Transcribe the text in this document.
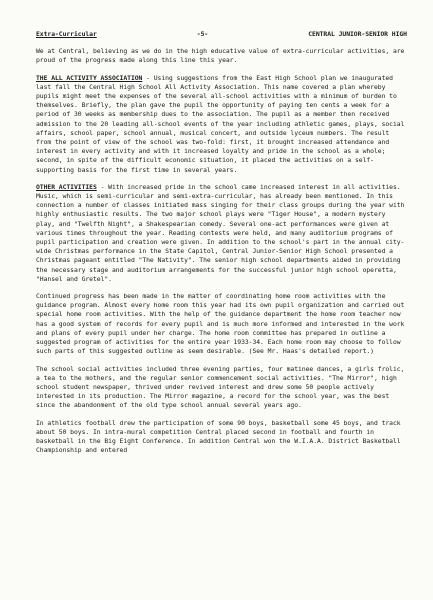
Extra-Curricular	-5-	CENTRAL JUNIOR-SENIOR HIGH

We at Central, believing as we do in the high educative value of extra-curricular activities, are proud of the progress made along this line this year.

THE ALL ACTIVITY ASSOCIATION - Using suggestions from the East High School plan we inaugurated last fall the Central High School All Activity Association. This name covered a plan whereby pupils might meet the expenses of the several all-school activities with a minimum of burden to themselves. Briefly, the plan gave the pupil the opportunity of paying ten cents a week for a period of 30 weeks as membership dues to the association. The pupil as a member then received admission to the 20 leading all-school events of the year including athletic games, plays, social affairs, school paper, school annual, musical concert, and outside lyceum numbers. The result from the point of view of the school was two-fold: first, it brought increased attendance and interest in every activity and with it increased loyalty and pride in the school as a whole; second, in spite of the difficult economic situation, it placed the activities on a self-supporting basis for the first time in several years.

OTHER ACTIVITIES - With increased pride in the school came increased interest in all activities. Music, which is semi-curricular and semi-extra-curricular, has already been mentioned. In this connection a number of classes initiated mass singing for their class groups during the year with highly enthusiastic results. The two major school plays were "Tiger House", a modern mystery play, and "Twelfth Night", a Shakespearian comedy. Several one-act performances were given at various times throughout the year. Reading contests were held, and many auditorium programs of pupil participation and creation were given. In addition to the school's part in the annual city-wide Christmas performance in the State Capitol, Central Junior-Senior High School presented a Christmas pageant entitled "The Nativity". The senior high school departments aided in providing the necessary stage and auditorium arrangements for the successful junior high school operetta, "Hansel and Gretel".

Continued progress has been made in the matter of coordinating home room activities with the guidance program. Almost every home room this year had its own pupil organization and carried out special home room activities. With the help of the guidance department the home room teacher now has a good system of records for every pupil and is much more informed and interested in the work and plans of every pupil under her charge. The home room committee has prepared in outline a suggested program of activities for the entire year 1933-34. Each home room may choose to follow such parts of this suggested outline as seem desirable. (See Mr. Haas's detailed report.)

The school social activities included three evening parties, four matinee dances, a girls frolic, a tea to the mothers, and the regular senior commencement social activities. "The Mirror", high school student newspaper, thrived under revived interest and drew some 50 people actively interested in its production. The Mirror magazine, a record for the school year, was the best since the abandonment of the old type school annual several years ago.

In athletics football drew the participation of some 90 boys, basketball some 45 boys, and track about 50 boys. In intra-mural competition Central placed second in football and fourth in basketball in the Big Eight Conference. In addition Central won the W.I.A.A. District Basketball Championship and entered
